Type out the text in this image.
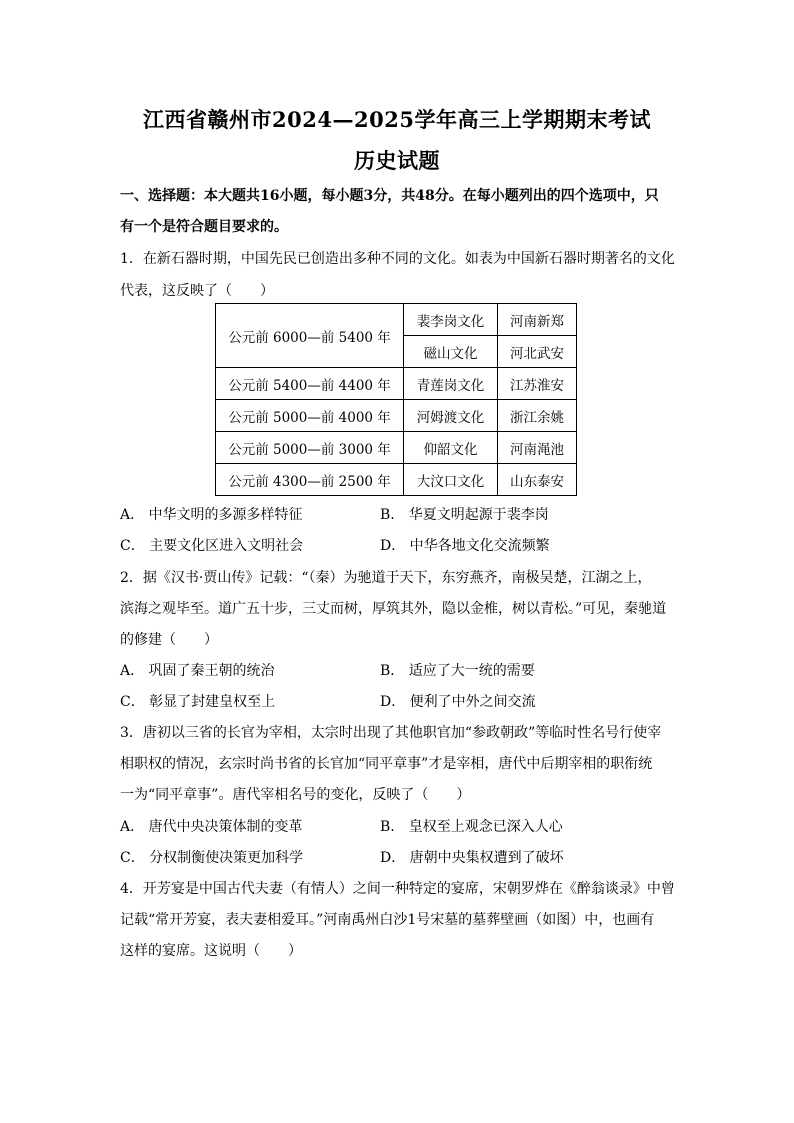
江西省赣州市2024—2025学年高三上学期期末考试
历史试题
一、选择题：本大题共16小题，每小题3分，共48分。在每小题列出的四个选项中，只
有一个是符合题目要求的。
1．在新石器时期，中国先民已创造出多种不同的文化。如表为中国新石器时期著名的文化
代表，这反映了（　　）
公元前 6000—前 5400 年	裴李岗文化	河南新郑
	磁山文化	河北武安
公元前 5400—前 4400 年	青莲岗文化	江苏淮安
公元前 5000—前 4000 年	河姆渡文化	浙江余姚
公元前 5000—前 3000 年	仰韶文化	河南渑池
公元前 4300—前 2500 年	大汶口文化	山东泰安
A． 中华文明的多源多样特征	B． 华夏文明起源于裴李岗
C． 主要文化区进入文明社会	D． 中华各地文化交流频繁
2．据《汉书·贾山传》记载：“（秦）为驰道于天下，东穷燕齐，南极吴楚，江湖之上，
滨海之观毕至。道广五十步，三丈而树，厚筑其外，隐以金椎，树以青松。”可见，秦驰道
的修建（　　）
A． 巩固了秦王朝的统治	B． 适应了大一统的需要
C． 彰显了封建皇权至上	D． 便利了中外之间交流
3．唐初以三省的长官为宰相，太宗时出现了其他职官加“参政朝政”等临时性名号行使宰
相职权的情况，玄宗时尚书省的长官加“同平章事”才是宰相，唐代中后期宰相的职衔统
一为“同平章事”。唐代宰相名号的变化，反映了（　　）
A． 唐代中央决策体制的变革	B． 皇权至上观念已深入人心
C． 分权制衡使决策更加科学	D． 唐朝中央集权遭到了破坏
4．开芳宴是中国古代夫妻（有情人）之间一种特定的宴席，宋朝罗烨在《醉翁谈录》中曾
记载“常开芳宴，表夫妻相爱耳。”河南禹州白沙1号宋墓的墓葬壁画（如图）中，也画有
这样的宴席。这说明（　　）
